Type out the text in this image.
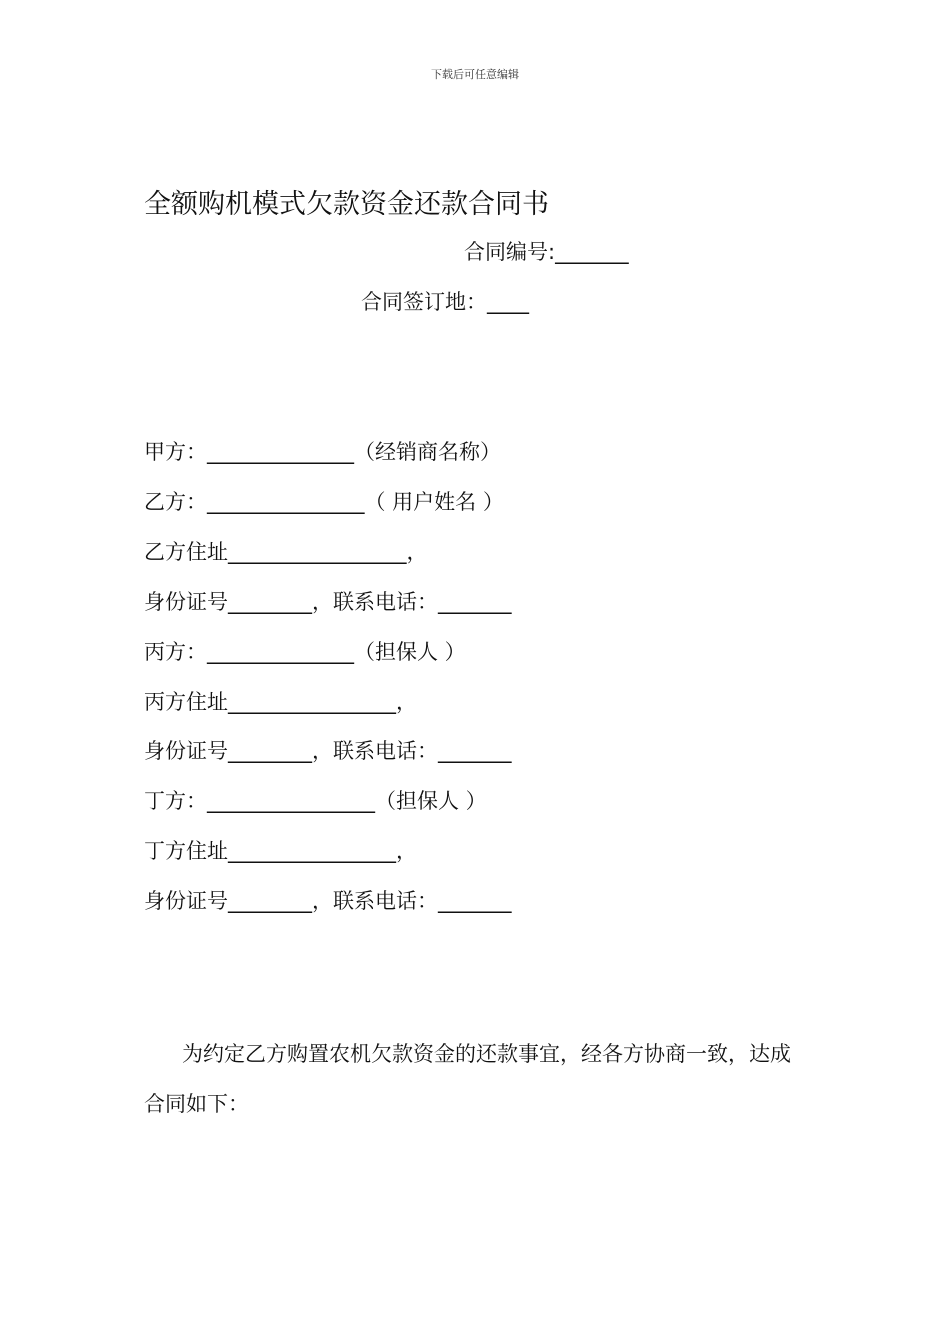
下载后可任意编辑
全额购机模式欠款资金还款合同书
合同编号:_______
合同签订地：____
甲方：______________（经销商名称）
乙方：_______________（ 用户姓名 ）
乙方住址_________________，
身份证号________，联系电话：_______
丙方：______________（担保人 ）
丙方住址________________，
身份证号________，联系电话：_______
丁方：________________（担保人 ）
丁方住址________________，
身份证号________，联系电话：_______

为约定乙方购置农机欠款资金的还款事宜，经各方协商一致，达成合同如下：
